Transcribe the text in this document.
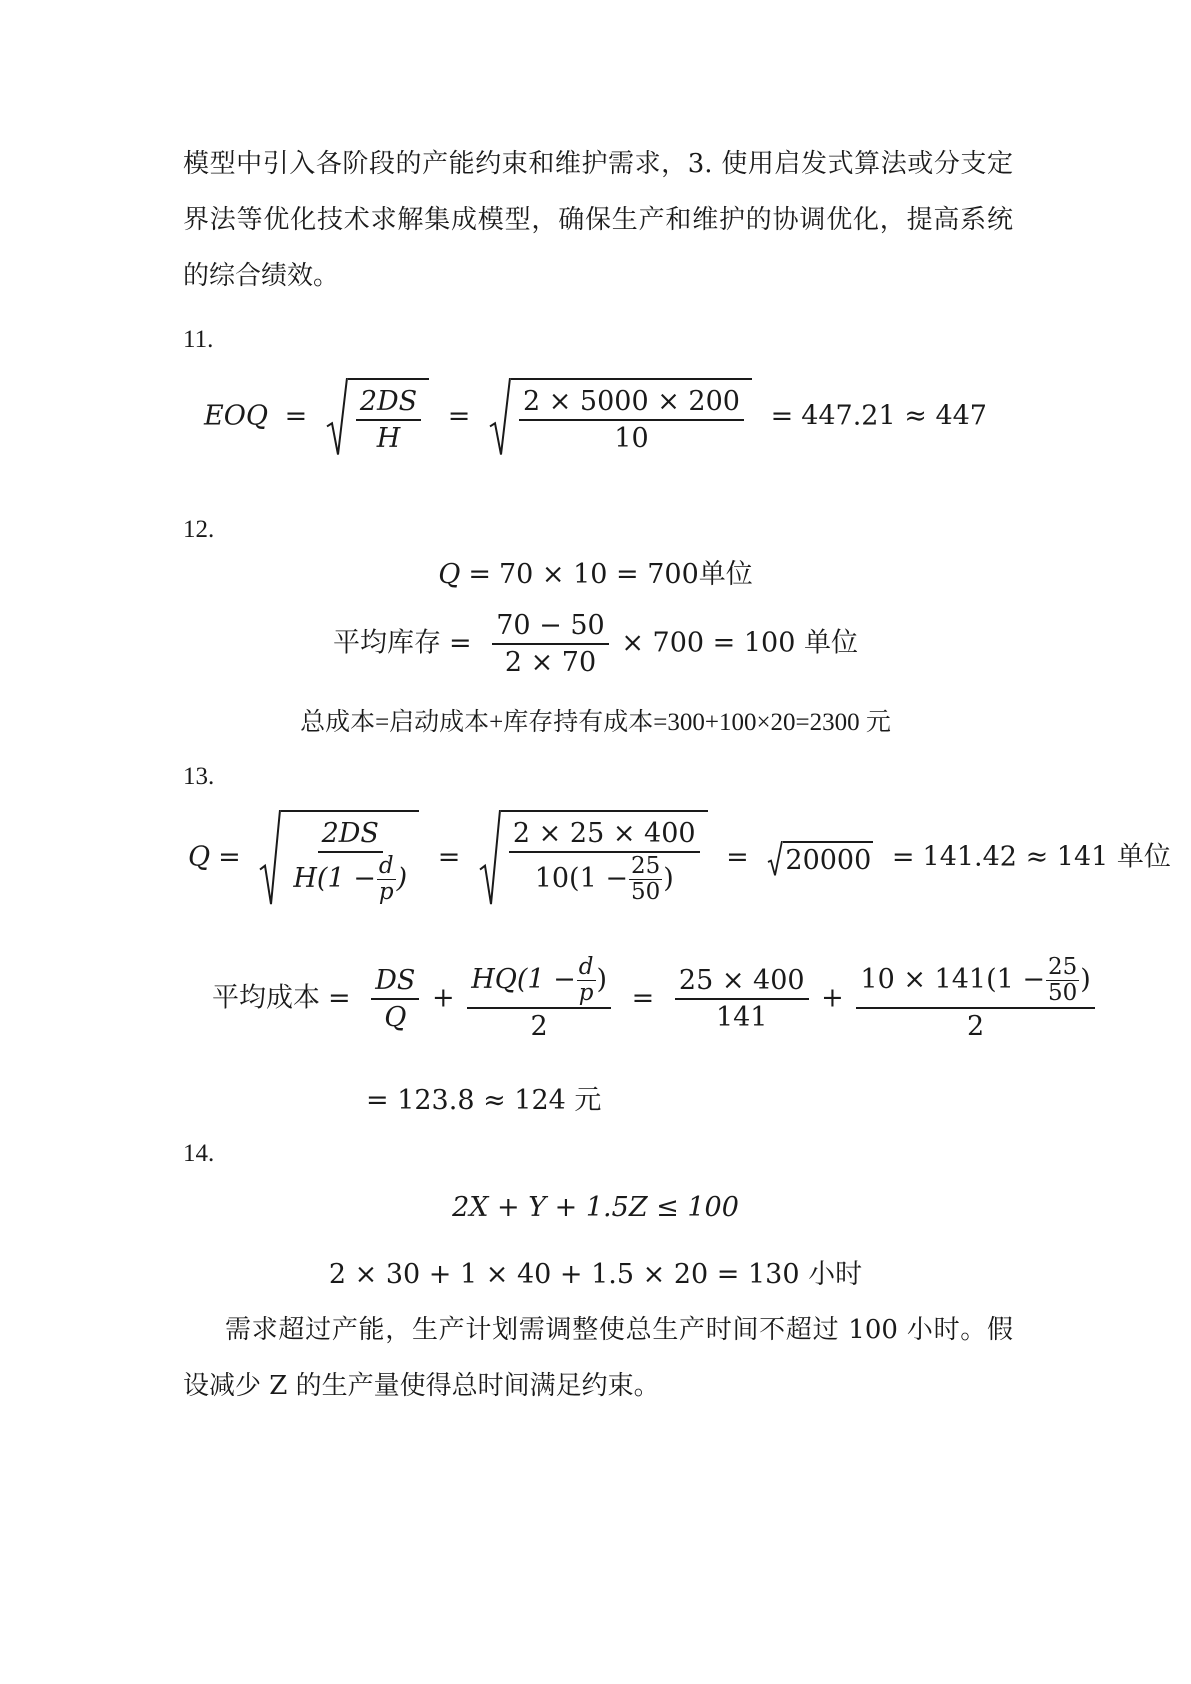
模型中引入各阶段的产能约束和维护需求，3. 使用启发式算法或分支定界法等优化技术求解集成模型，确保生产和维护的协调优化，提高系统的综合绩效。
11.
EOQ = $\frac{2DS}{H} = \frac{2 \times 5000 \times 200}{10} = 447.21 \approx 447$
12.
Q = 70 × 10 = 700单位
平均库存 = $\frac{70 - 50}{2 \times 70} \times 700 = 100$ 单位
总成本=启动成本+库存持有成本=300+100×20=2300 元
13.
$Q = \frac{2DS}{H(1 - \frac{d}{p} )} = \frac{2 \times 25 \times 400}{10(1 - \frac{25}{50} )} = 20000 = 141.42 \approx 141$ 单位
平均成本 = $\frac{DS}{Q} + \frac{HQ(1 - \frac{d}{p} )}{2} = \frac{25 \times 400}{141} + \frac{10 \times 141(1 - \frac{25}{50} )}{2}$
= 123.8 ≈ 124 元
14.
2X + Y + 1.5Z ≤ 100
2 × 30 + 1 × 40 + 1.5 × 20 = 130 小时
需求超过产能，生产计划需调整使总生产时间不超过 100 小时。假设减少 Z 的生产量使得总时间满足约束。
